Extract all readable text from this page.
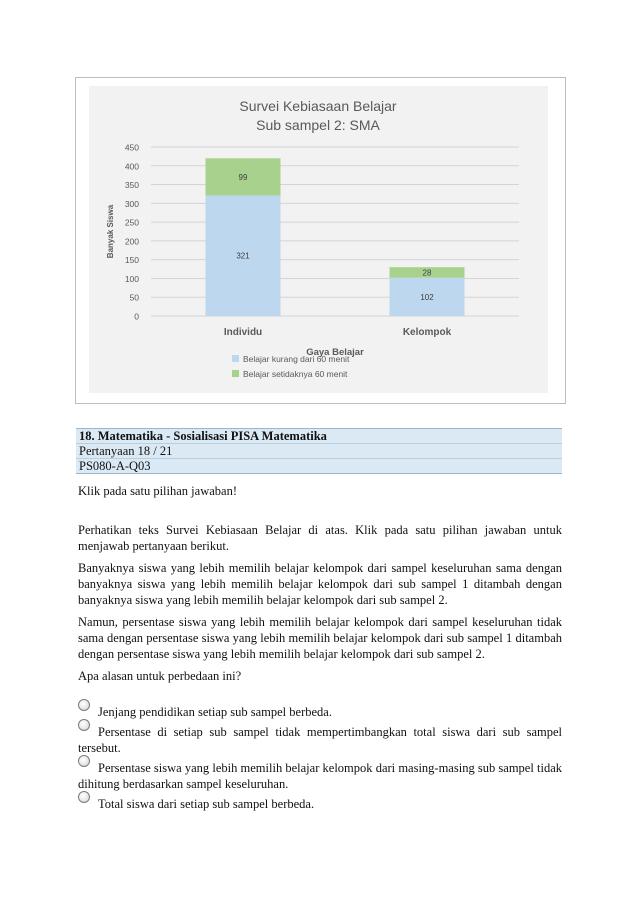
Survei Kebiasaan Belajar
Sub sampel 2: SMA
0
50
100
150
200
250
300
350
400
450
Banyak Siswa	321
99
Individu
102
28
Kelompok
Gaya Belajar
Belajar kurang dari 60 menit
Belajar setidaknya 60 menit
18. Matematika - Sosialisasi PISA Matematika
Pertanyaan 18 / 21
PS080-A-Q03

Klik pada satu pilihan jawaban!

Perhatikan teks Survei Kebiasaan Belajar di atas. Klik pada satu pilihan jawaban untuk menjawab pertanyaan berikut.

Banyaknya siswa yang lebih memilih belajar kelompok dari sampel keseluruhan sama dengan banyaknya siswa yang lebih memilih belajar kelompok dari sub sampel 1 ditambah dengan banyaknya siswa yang lebih memilih belajar kelompok dari sub sampel 2.

Namun, persentase siswa yang lebih memilih belajar kelompok dari sampel keseluruhan tidak sama dengan persentase siswa yang lebih memilih belajar kelompok dari sub sampel 1 ditambah dengan persentase siswa yang lebih memilih belajar kelompok dari sub sampel 2.

Apa alasan untuk perbedaan ini?

Jenjang pendidikan setiap sub sampel berbeda.
Persentase di setiap sub sampel tidak mempertimbangkan total siswa dari sub sampel tersebut.
Persentase siswa yang lebih memilih belajar kelompok dari masing-masing sub sampel tidak dihitung berdasarkan sampel keseluruhan.
Total siswa dari setiap sub sampel berbeda.
